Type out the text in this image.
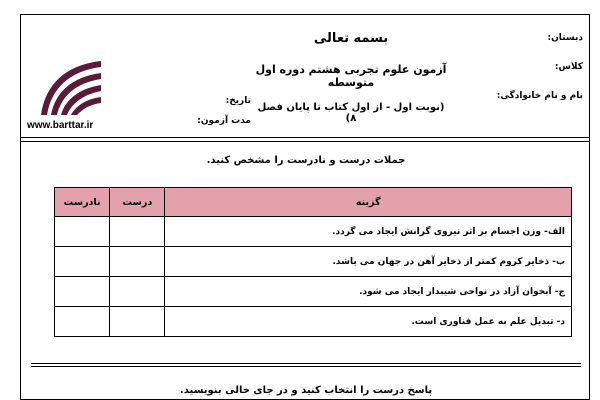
دبستان:
کلاس:
نام و نام خانوادگی:
بسمه تعالی
آزمون علوم تجربی هشتم دوره اول متوسطه
(نوبت اول - از اول کتاب تا پایان فصل ۸)
تاریخ:
مدت آزمون:
www.barttar.ir
جملات درست و نادرست را مشخص کنید.
گزینه	درست	نادرست
الف- وزن اجسام بر اثر نیروی گرانش ایجاد می گردد.		
ب- ذخایر کروم کمتر از ذخایر آهن در جهان می باشد.		
ج- آبخوان آزاد در نواحی شیبدار ایجاد می شود.		
د- تبدیل علم به عمل فناوری است.		
پاسخ درست را انتخاب کنید و در جای خالی بنویسید.
